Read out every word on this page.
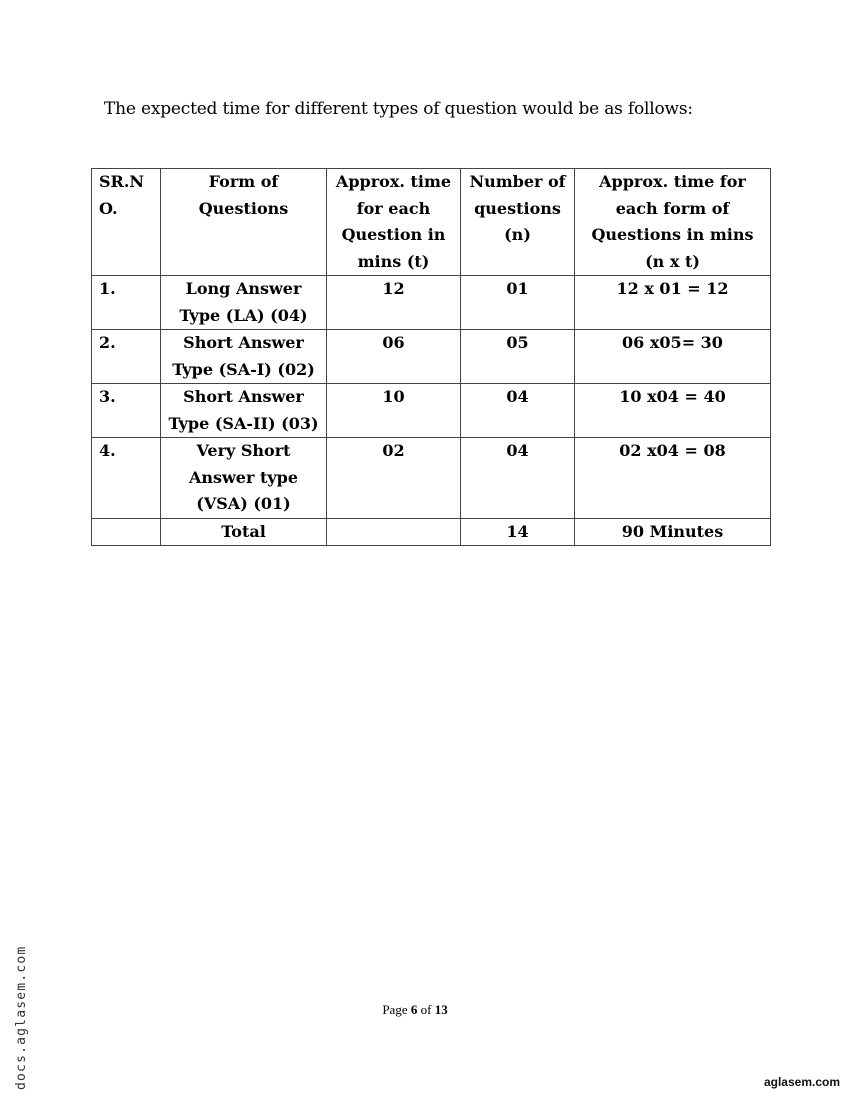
The expected time for different types of question would be as follows:

SR.N O.	Form of Questions	Approx. time for each Question in mins (t)	Number of questions (n)	Approx. time for each form of Questions in mins (n x t)
1.	Long Answer Type (LA) (04)	12	01	12 x 01 = 12
2.	Short Answer Type (SA-I) (02)	06	05	06 x05= 30
3.	Short Answer Type (SA-II) (03)	10	04	10 x04 = 40
4.	Very Short Answer type (VSA) (01)	02	04	02 x04 = 08
	Total		14	90 Minutes
Page 6 of 13
docs.aglasem.com	aglasem.com
